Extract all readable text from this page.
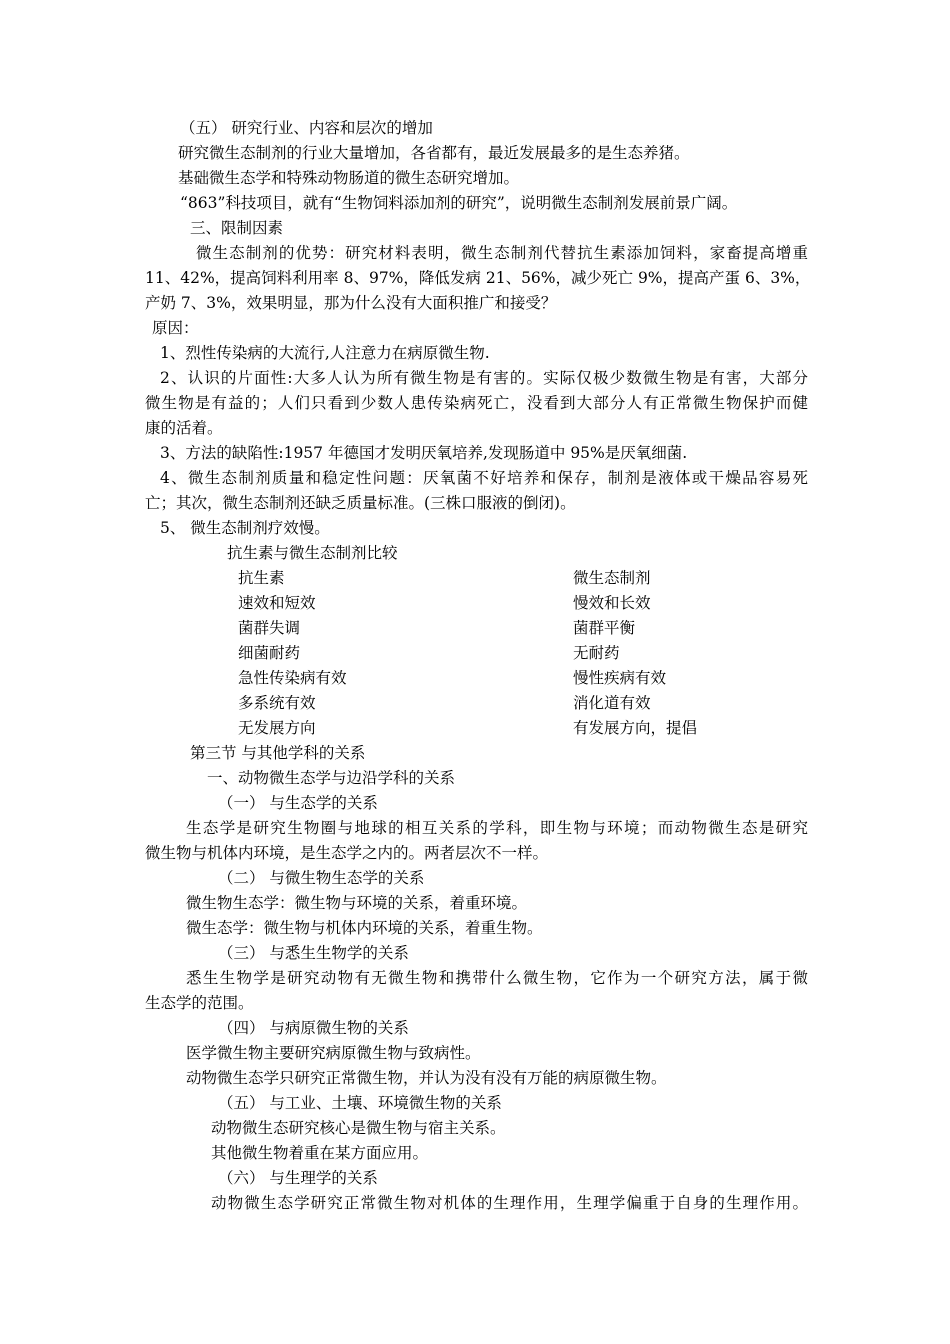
（五） 研究行业、内容和层次的增加
研究微生态制剂的行业大量增加，各省都有，最近发展最多的是生态养猪。
基础微生态学和特殊动物肠道的微生态研究增加。
“863”科技项目，就有“生物饲料添加剂的研究”，说明微生态制剂发展前景广阔。
三、限制因素
微生态制剂的优势：研究材料表明，微生态制剂代替抗生素添加饲料，家畜提高增重
11、42%，提高饲料利用率 8、97%，降低发病 21、56%，减少死亡 9%，提高产蛋 6、3%，
产奶 7、3%，效果明显，那为什么没有大面积推广和接受？
原因：
1、烈性传染病的大流行,人注意力在病原微生物.
2、认识的片面性:大多人认为所有微生物是有害的。实际仅极少数微生物是有害，大部分
微生物是有益的；人们只看到少数人患传染病死亡，没看到大部分人有正常微生物保护而健
康的活着。
3、方法的缺陷性:1957 年德国才发明厌氧培养,发现肠道中 95%是厌氧细菌.
4、微生态制剂质量和稳定性问题：厌氧菌不好培养和保存，制剂是液体或干燥品容易死
亡；其次，微生态制剂还缺乏质量标准。(三株口服液的倒闭)。
5、 微生态制剂疗效慢。
抗生素与微生态制剂比较
抗生素	微生态制剂
速效和短效	慢效和长效
菌群失调	菌群平衡
细菌耐药	无耐药
急性传染病有效	慢性疾病有效
多系统有效	消化道有效
无发展方向	有发展方向，提倡
第三节 与其他学科的关系
一、动物微生态学与边沿学科的关系
（一） 与生态学的关系
生态学是研究生物圈与地球的相互关系的学科，即生物与环境；而动物微生态是研究
微生物与机体内环境，是生态学之内的。两者层次不一样。
（二） 与微生物生态学的关系
微生物生态学：微生物与环境的关系，着重环境。
微生态学：微生物与机体内环境的关系，着重生物。
（三） 与悉生生物学的关系
悉生生物学是研究动物有无微生物和携带什么微生物，它作为一个研究方法，属于微
生态学的范围。
（四） 与病原微生物的关系
医学微生物主要研究病原微生物与致病性。
动物微生态学只研究正常微生物，并认为没有没有万能的病原微生物。
（五） 与工业、土壤、环境微生物的关系
动物微生态研究核心是微生物与宿主关系。
其他微生物着重在某方面应用。
（六） 与生理学的关系
动物微生态学研究正常微生物对机体的生理作用，生理学偏重于自身的生理作用。
